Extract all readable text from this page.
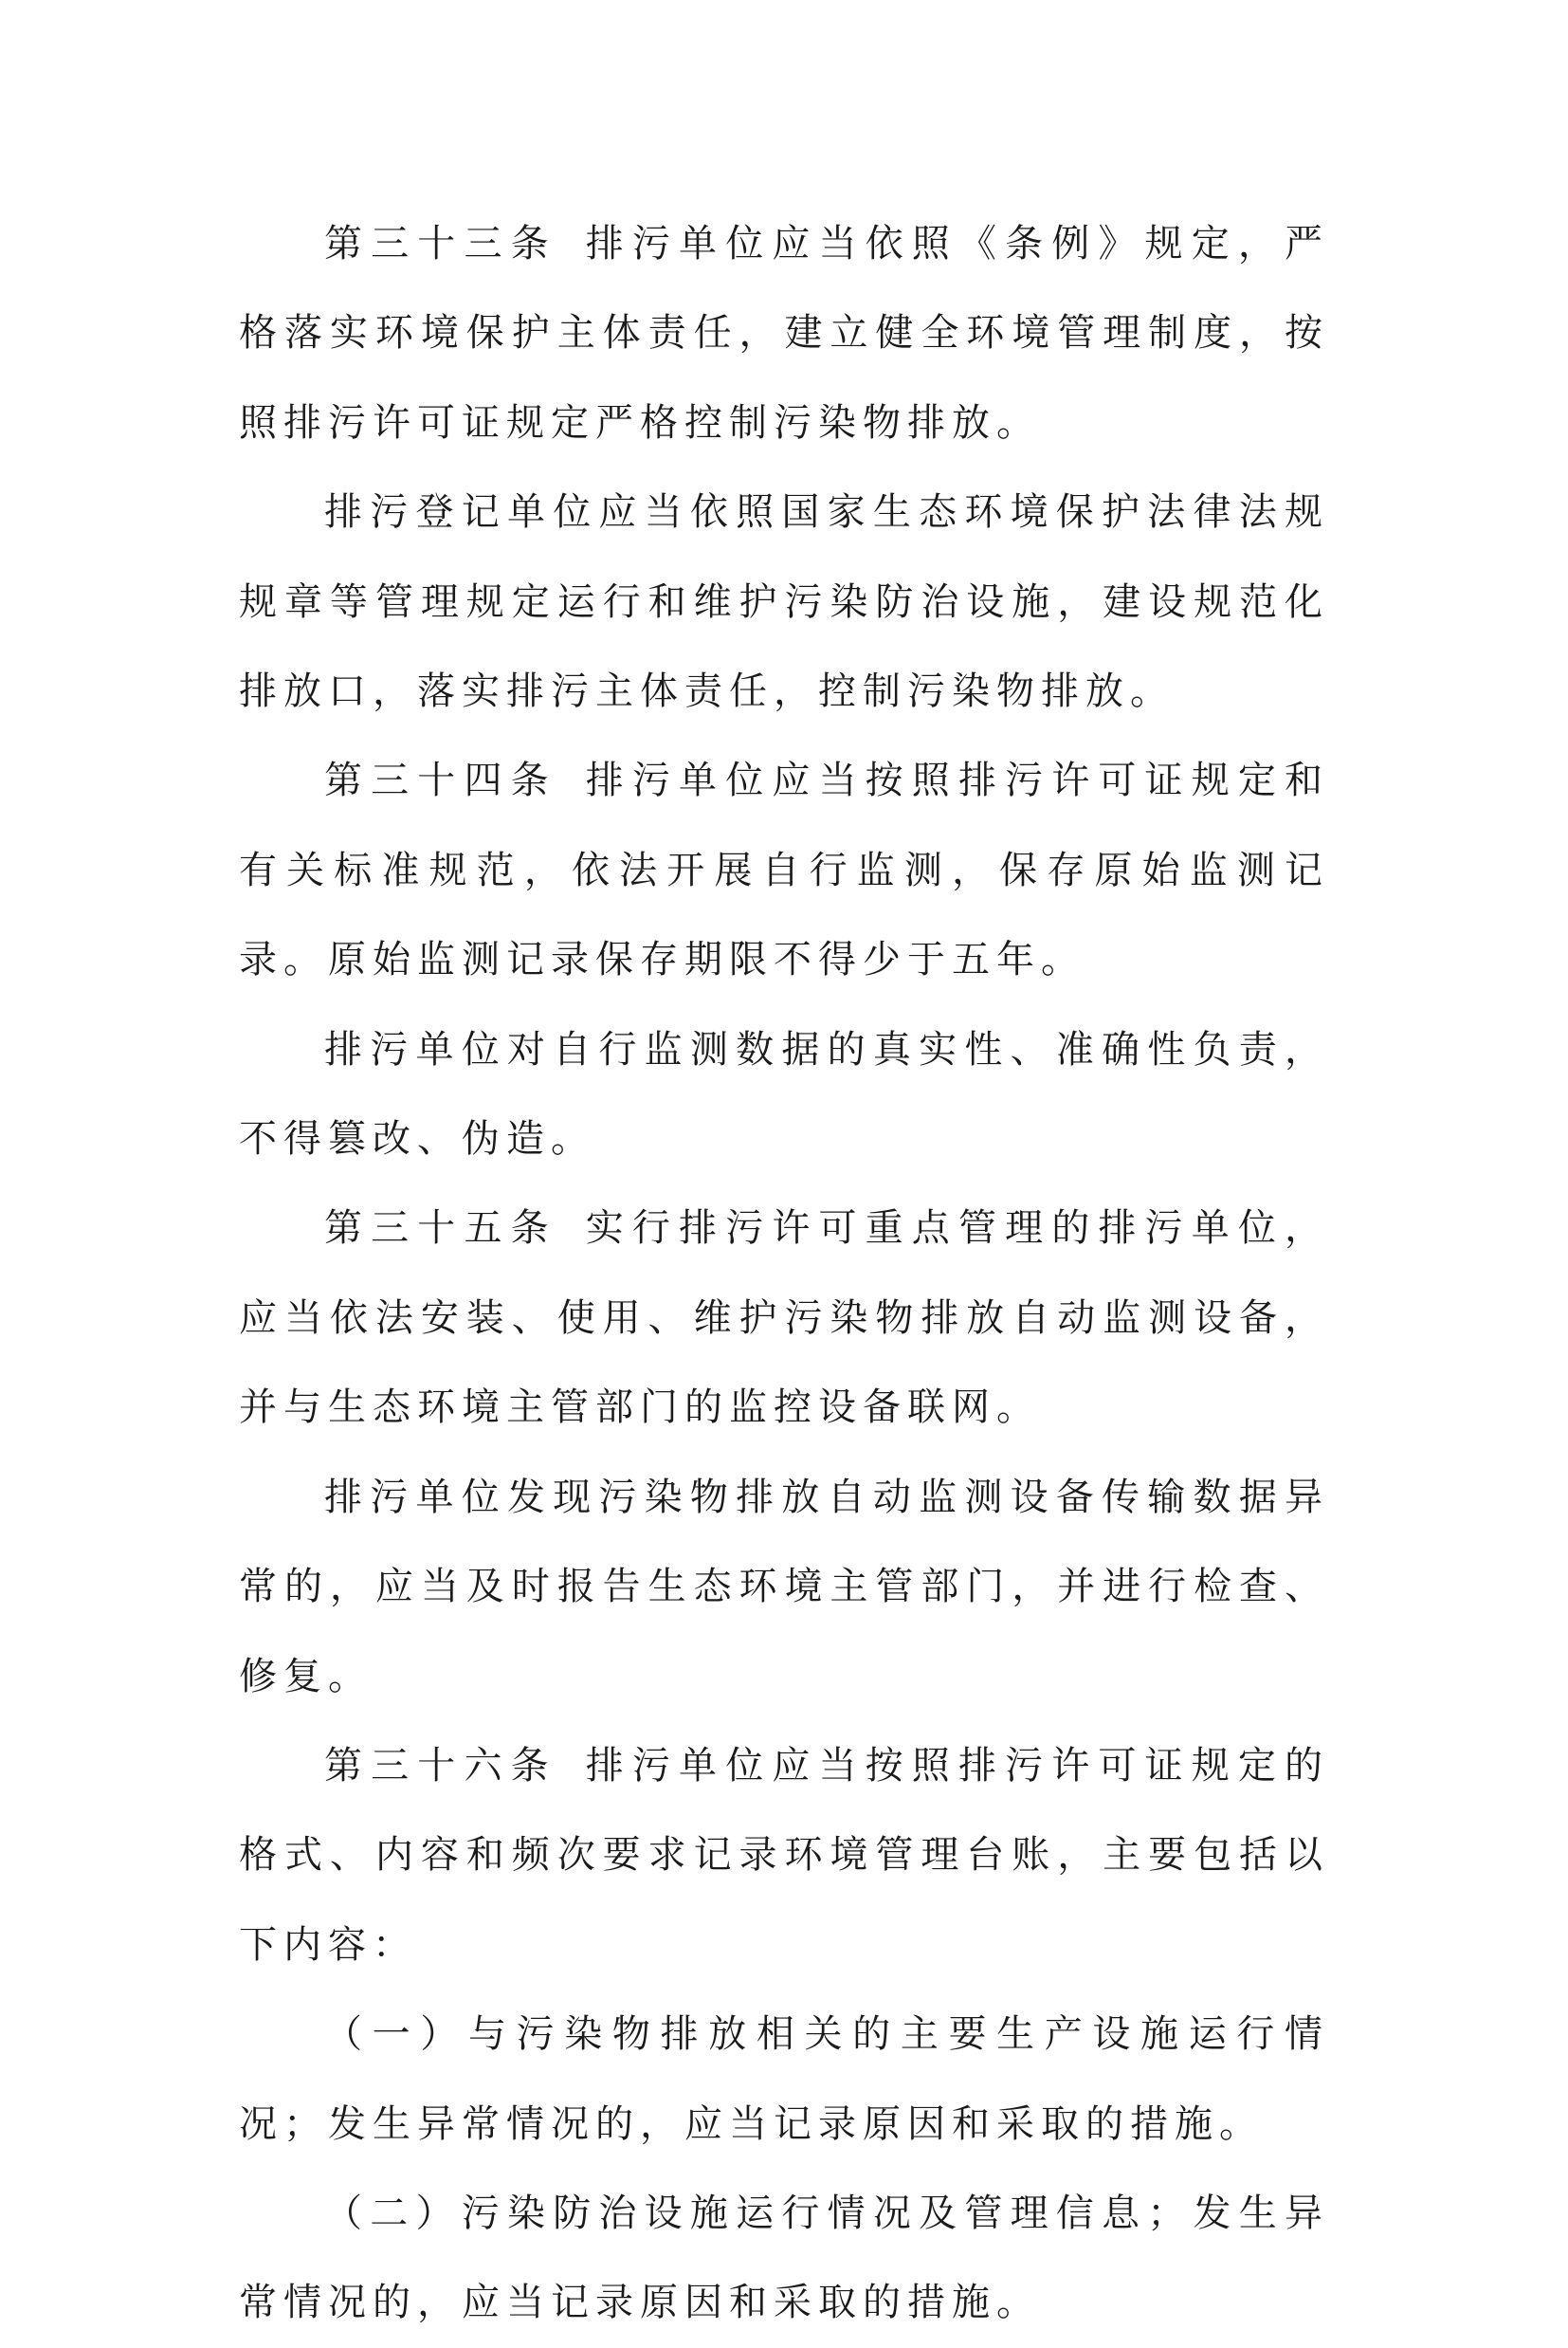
第三十三条 排污单位应当依照《条例》规定，严格落实环境保护主体责任，建立健全环境管理制度，按照排污许可证规定严格控制污染物排放。

排污登记单位应当依照国家生态环境保护法律法规规章等管理规定运行和维护污染防治设施，建设规范化排放口，落实排污主体责任，控制污染物排放。

第三十四条 排污单位应当按照排污许可证规定和有关标准规范，依法开展自行监测，保存原始监测记录。原始监测记录保存期限不得少于五年。

排污单位对自行监测数据的真实性、准确性负责，不得篡改、伪造。

第三十五条 实行排污许可重点管理的排污单位，应当依法安装、使用、维护污染物排放自动监测设备，并与生态环境主管部门的监控设备联网。

排污单位发现污染物排放自动监测设备传输数据异常的，应当及时报告生态环境主管部门，并进行检查、修复。

第三十六条 排污单位应当按照排污许可证规定的格式、内容和频次要求记录环境管理台账，主要包括以下内容：

（一）与污染物排放相关的主要生产设施运行情况；发生异常情况的，应当记录原因和采取的措施。

（二）污染防治设施运行情况及管理信息；发生异常情况的，应当记录原因和采取的措施。
